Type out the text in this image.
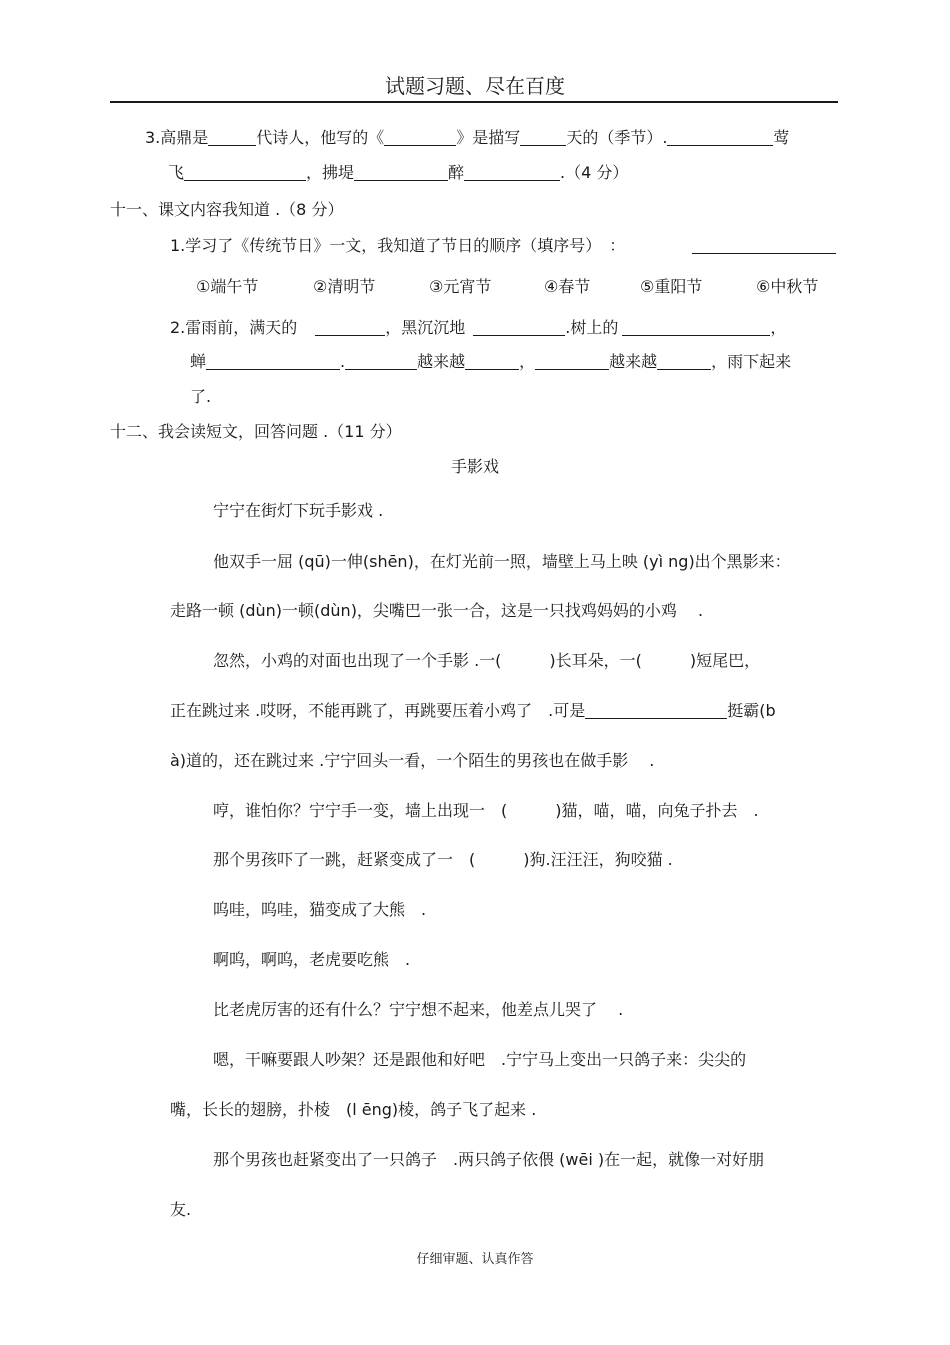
试题习题、尽在百度
3.高鼎是	代诗人，他写的《	》是描写	天的（季节）.	莺
飞	，拂堤	醉	.（4 分）
十一、课文内容我知道 .（8 分）
1.学习了《传统节日》一文，我知道了节日的顺序（填序号）　：
①端午节	②清明节	③元宵节	④春节	⑤重阳节	⑥中秋节
2.雷雨前，满天的	，黑沉沉地	.树上的	，
蝉	.	越来越	，	越来越	，雨下起来
了.
十二、我会读短文，回答问题 .（11 分）
手影戏
宁宁在街灯下玩手影戏 .
他双手一屈 (qū)一伸(shēn)，在灯光前一照，墙壁上马上映 (yì ng)出个黑影来：
走路一顿 (dùn)一顿(dùn)，尖嘴巴一张一合，这是一只找鸡妈妈的小鸡　 .
忽然，小鸡的对面也出现了一个手影 .一(　　　)长耳朵，一(　　　)短尾巴，
正在跳过来 .哎呀，不能再跳了，再跳要压着小鸡了　.可是	挺霸(b
à)道的，还在跳过来 .宁宁回头一看，一个陌生的男孩也在做手影　 .
哼，谁怕你？宁宁手一变，墙上出现一　(　　　)猫，喵，喵，向兔子扑去　.
那个男孩吓了一跳，赶紧变成了一　(　　　)狗.汪汪汪，狗咬猫 .
呜哇，呜哇，猫变成了大熊　.
啊呜，啊呜，老虎要吃熊　.
比老虎厉害的还有什么？宁宁想不起来，他差点儿哭了　 .
嗯，干嘛要跟人吵架？还是跟他和好吧　.宁宁马上变出一只鸽子来：尖尖的
嘴，长长的翅膀，扑棱　(l ēng)棱，鸽子飞了起来 .
那个男孩也赶紧变出了一只鸽子　.两只鸽子依偎 (wēi )在一起，就像一对好朋
友.
仔细审题、认真作答
